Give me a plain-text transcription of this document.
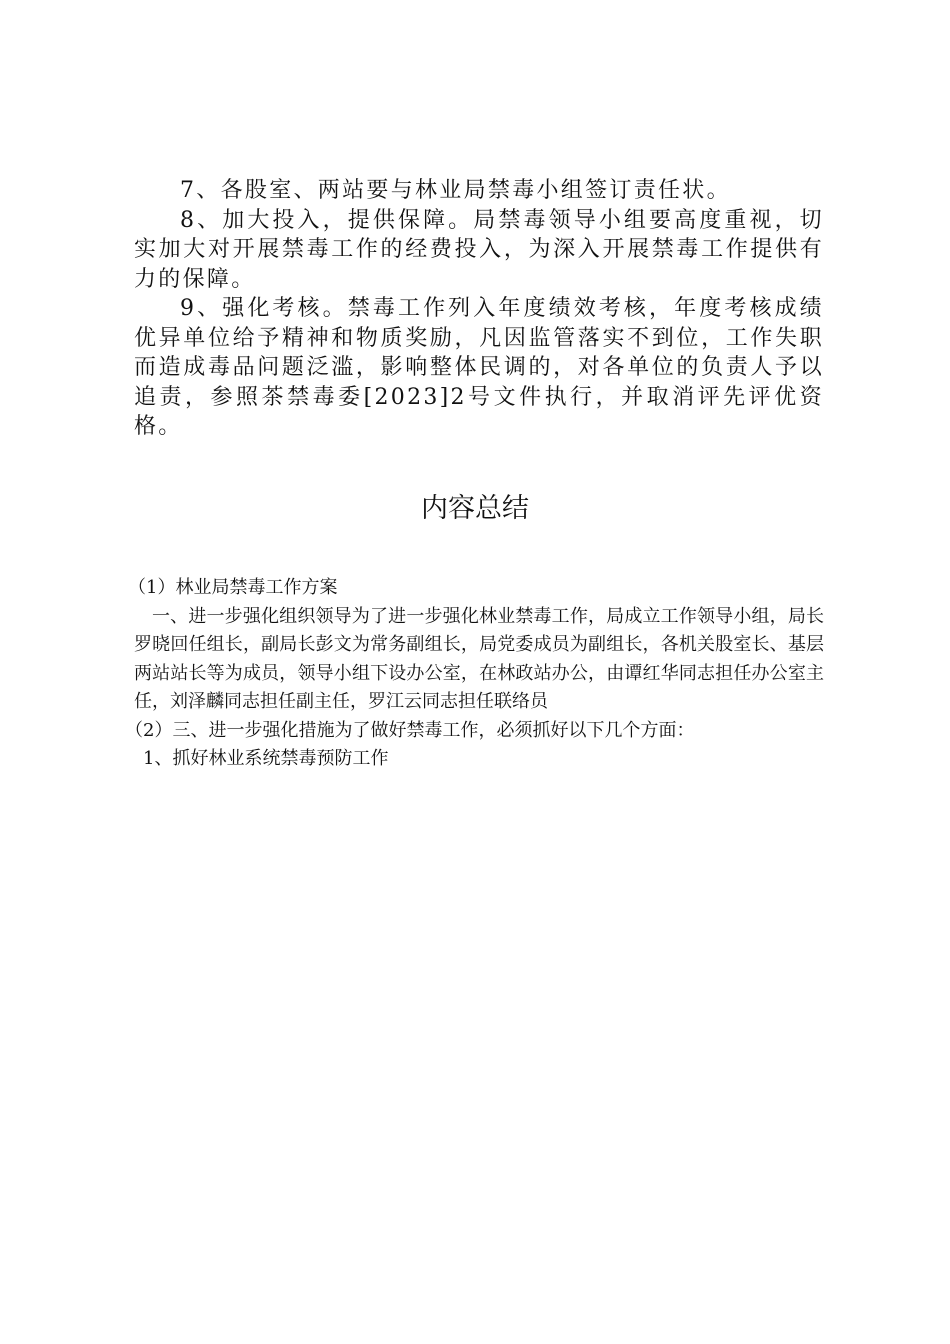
7、各股室、两站要与林业局禁毒小组签订责任状。

8、加大投入，提供保障。局禁毒领导小组要高度重视，切实加大对开展禁毒工作的经费投入，为深入开展禁毒工作提供有力的保障。

9、强化考核。禁毒工作列入年度绩效考核，年度考核成绩优异单位给予精神和物质奖励，凡因监管落实不到位，工作失职而造成毒品问题泛滥，影响整体民调的，对各单位的负责人予以追责，参照茶禁毒委[2023]2号文件执行，并取消评先评优资格。

内容总结

（1）林业局禁毒工作方案

一、进一步强化组织领导为了进一步强化林业禁毒工作，局成立工作领导小组，局长罗晓回任组长，副局长彭文为常务副组长，局党委成员为副组长，各机关股室长、基层两站站长等为成员，领导小组下设办公室，在林政站办公，由谭红华同志担任办公室主任，刘泽麟同志担任副主任，罗江云同志担任联络员

（2）三、进一步强化措施为了做好禁毒工作，必须抓好以下几个方面：

1、抓好林业系统禁毒预防工作
